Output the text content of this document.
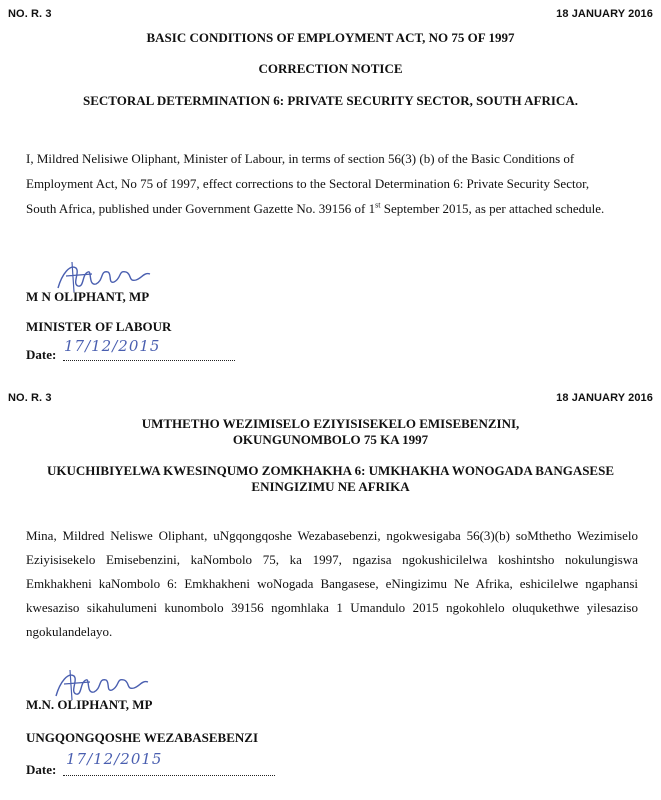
NO. R. 3	18 JANUARY 2016
BASIC CONDITIONS OF EMPLOYMENT ACT, NO 75 OF 1997
CORRECTION NOTICE
SECTORAL DETERMINATION 6: PRIVATE SECURITY SECTOR, SOUTH AFRICA.
I, Mildred Nelisiwe Oliphant, Minister of Labour, in terms of section 56(3) (b) of the Basic Conditions of
Employment Act, No 75 of 1997, effect corrections to the Sectoral Determination 6: Private Security Sector,
South Africa, published under Government Gazette No. 39156 of 1st September 2015, as per attached schedule.
M N OLIPHANT, MP
MINISTER OF LABOUR
Date: 17/12/2015
NO. R. 3	18 JANUARY 2016
UMTHETHO WEZIMISELO EZIYISISEKELO EMISEBENZINI,
OKUNGUNOMBOLO 75 KA 1997
UKUCHIBIYELWA KWESINQUMO ZOMKHAKHA 6: UMKHAKHA WONOGADA BANGASESE
ENINGIZIMU NE AFRIKA
Mina, Mildred Neliswe Oliphant, uNgqongqoshe Wezabasebenzi, ngokwesigaba 56(3)(b) soMthetho Wezimiselo Eziyisisekelo Emisebenzini, kaNombolo 75, ka 1997, ngazisa ngokushicilelwa koshintsho nokulungiswa Emkhakheni kaNombolo 6: Emkhakheni woNogada Bangasese, eNingizimu Ne Afrika, eshicilelwe ngaphansi kwesaziso sikahulumeni kunombolo 39156 ngomhlaka 1 Umandulo 2015 ngokohlelo oluqukethwe yilesaziso ngokulandelayo.
M.N. OLIPHANT, MP
UNGQONGQOSHE WEZABASEBENZI
Date:
17/12/2015
